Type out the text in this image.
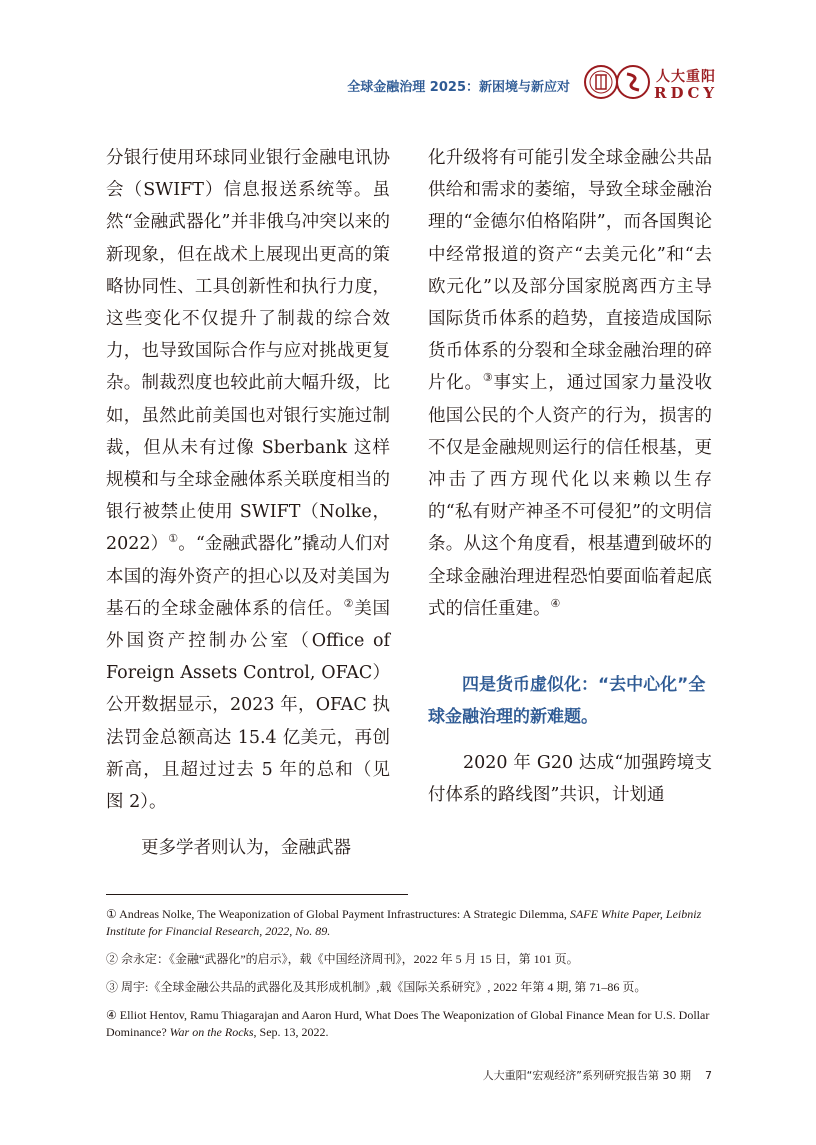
全球金融治理 2025：新困境与新应对
人大重阳
RDCY

分银行使用环球同业银行金融电讯协会（SWIFT）信息报送系统等。虽然“金融武器化”并非俄乌冲突以来的新现象，但在战术上展现出更高的策略协同性、工具创新性和执行力度，这些变化不仅提升了制裁的综合效力，也导致国际合作与应对挑战更复杂。制裁烈度也较此前大幅升级，比如，虽然此前美国也对银行实施过制裁，但从未有过像 Sberbank 这样规模和与全球金融体系关联度相当的银行被禁止使用 SWIFT（Nolke，2022）①。“金融武器化”撬动人们对本国的海外资产的担心以及对美国为基石的全球金融体系的信任。②美国外国资产控制办公室（Office of Foreign Assets Control, OFAC）公开数据显示，2023 年，OFAC 执法罚金总额高达 15.4 亿美元，再创新高，且超过过去 5 年的总和（见图 2）。

更多学者则认为，金融武器

化升级将有可能引发全球金融公共品供给和需求的萎缩，导致全球金融治理的“金德尔伯格陷阱”，而各国舆论中经常报道的资产“去美元化”和“去欧元化”以及部分国家脱离西方主导国际货币体系的趋势，直接造成国际货币体系的分裂和全球金融治理的碎片化。③事实上，通过国家力量没收他国公民的个人资产的行为，损害的不仅是金融规则运行的信任根基，更冲击了西方现代化以来赖以生存的“私有财产神圣不可侵犯”的文明信条。从这个角度看，根基遭到破坏的全球金融治理进程恐怕要面临着起底式的信任重建。④

四是货币虚似化：“去中心化”全球金融治理的新难题。

2020 年 G20 达成“加强跨境支付体系的路线图”共识，计划通

① Andreas Nolke, The Weaponization of Global Payment Infrastructures: A Strategic Dilemma, SAFE White Paper, Leibniz Institute for Financial Research, 2022, No. 89.

② 佘永定：《金融“武器化”的启示》，载《中国经济周刊》，2022 年 5 月 15 日，第 101 页。

③ 周宇:《全球金融公共品的武器化及其形成机制》,载《国际关系研究》, 2022 年第 4 期, 第 71–86 页。

④ Elliot Hentov, Ramu Thiagarajan and Aaron Hurd, What Does The Weaponization of Global Finance Mean for U.S. Dollar Dominance? War on the Rocks, Sep. 13, 2022.

人大重阳“宏观经济”系列研究报告第 30 期 7
